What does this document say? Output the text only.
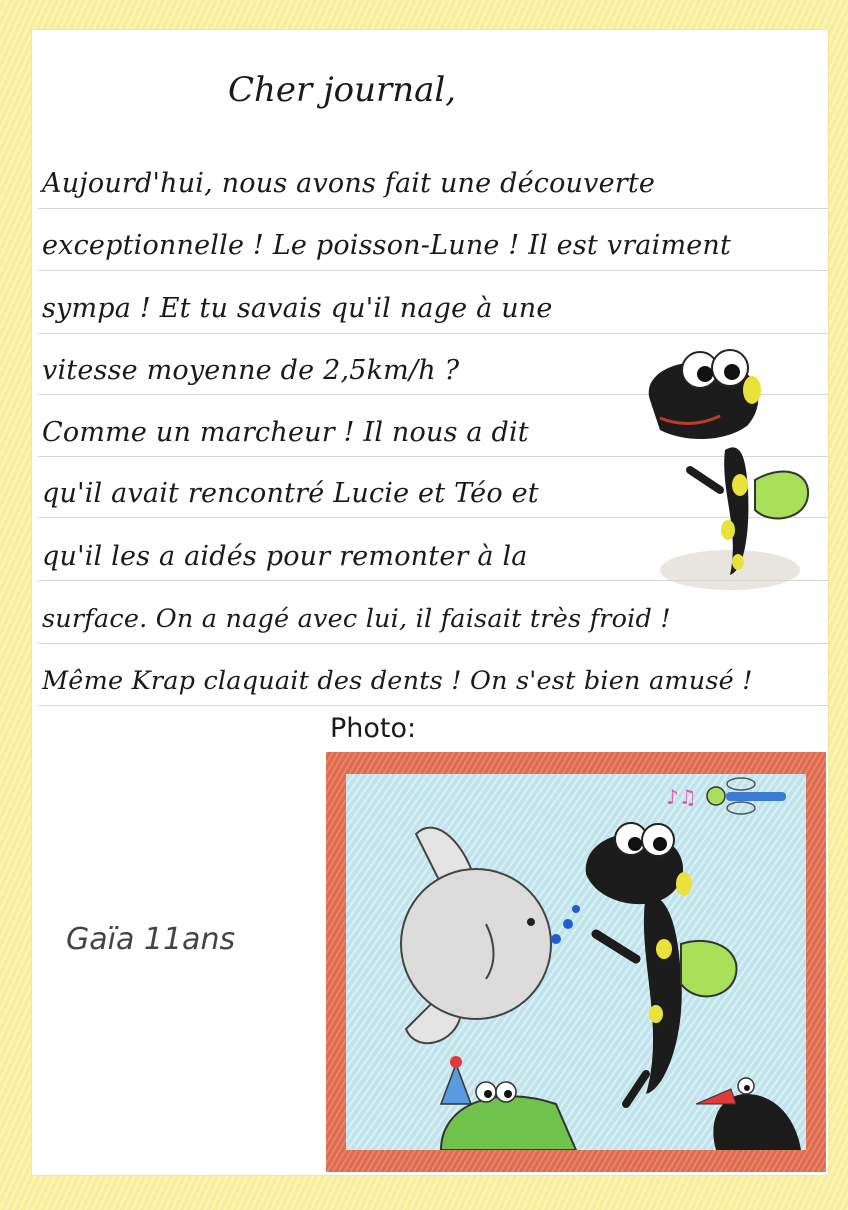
Cher journal,
Aujourd'hui, nous avons fait une découverte
exceptionnelle ! Le poisson-Lune ! Il est vraiment
sympa ! Et tu savais qu'il nage à une
vitesse moyenne de 2,5km/h ?
Comme un marcheur ! Il nous a dit
qu'il avait rencontré Lucie et Téo et
qu'il les a aidés pour remonter à la
surface. On a nagé avec lui, il faisait très froid !
Même Krap claquait des dents ! On s'est bien amusé !
Photo:
Gaïa 11ans
♪♫
